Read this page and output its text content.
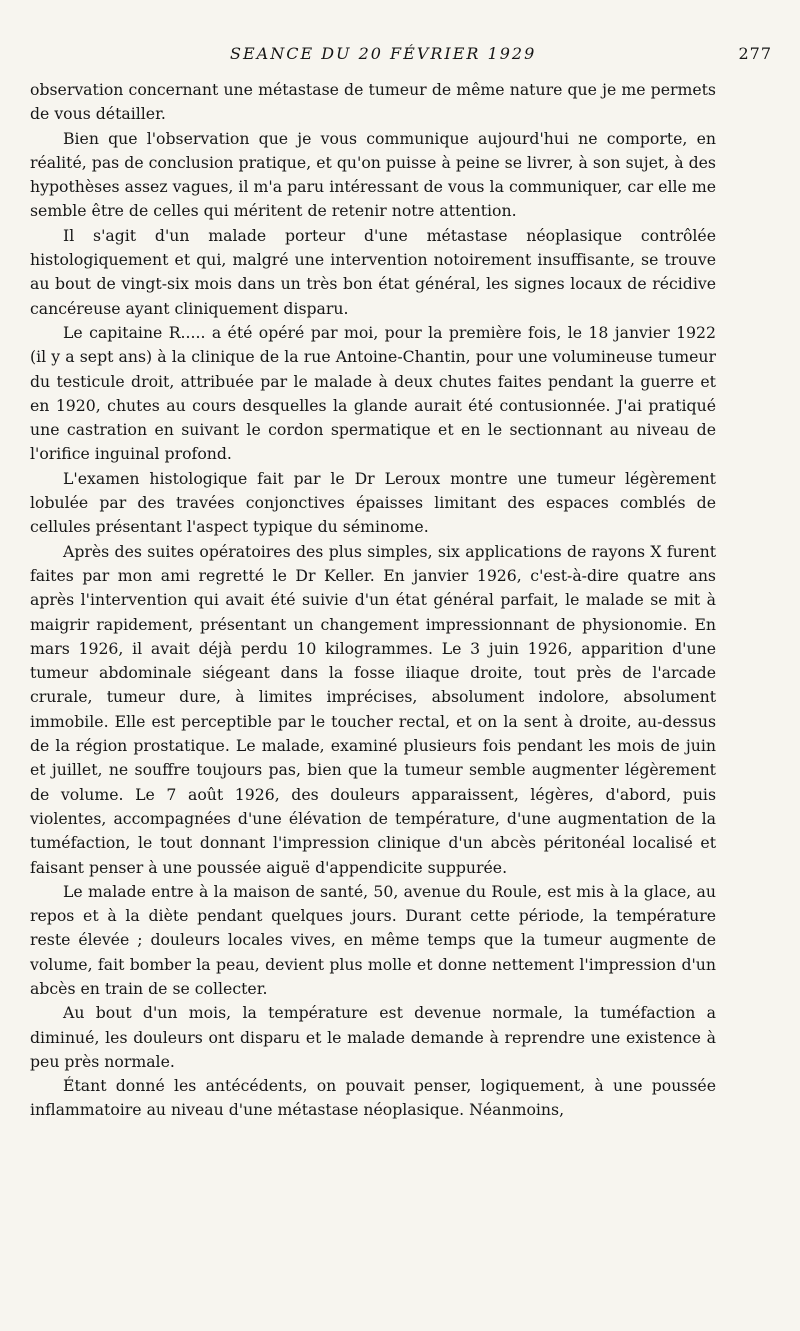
SEANCE DU 20 FÉVRIER 1929	277

observation concernant une métastase de tumeur de même nature que je me permets de vous détailler.

Bien que l'observation que je vous communique aujourd'hui ne comporte, en réalité, pas de conclusion pratique, et qu'on puisse à peine se livrer, à son sujet, à des hypothèses assez vagues, il m'a paru intéressant de vous la communiquer, car elle me semble être de celles qui méritent de retenir notre attention.

Il s'agit d'un malade porteur d'une métastase néoplasique contrôlée histologiquement et qui, malgré une intervention notoirement insuffisante, se trouve au bout de vingt-six mois dans un très bon état général, les signes locaux de récidive cancéreuse ayant cliniquement disparu.

Le capitaine R..... a été opéré par moi, pour la première fois, le 18 janvier 1922 (il y a sept ans) à la clinique de la rue Antoine-Chantin, pour une volumineuse tumeur du testicule droit, attribuée par le malade à deux chutes faites pendant la guerre et en 1920, chutes au cours desquelles la glande aurait été contusionnée. J'ai pratiqué une castration en suivant le cordon spermatique et en le sectionnant au niveau de l'orifice inguinal profond.

L'examen histologique fait par le Dr Leroux montre une tumeur légèrement lobulée par des travées conjonctives épaisses limitant des espaces comblés de cellules présentant l'aspect typique du séminome.

Après des suites opératoires des plus simples, six applications de rayons X furent faites par mon ami regretté le Dr Keller. En janvier 1926, c'est-à-dire quatre ans après l'intervention qui avait été suivie d'un état général parfait, le malade se mit à maigrir rapidement, présentant un changement impressionnant de physionomie. En mars 1926, il avait déjà perdu 10 kilogrammes. Le 3 juin 1926, apparition d'une tumeur abdominale siégeant dans la fosse iliaque droite, tout près de l'arcade crurale, tumeur dure, à limites imprécises, absolument indolore, absolument immobile. Elle est perceptible par le toucher rectal, et on la sent à droite, au-dessus de la région prostatique. Le malade, examiné plusieurs fois pendant les mois de juin et juillet, ne souffre toujours pas, bien que la tumeur semble augmenter légèrement de volume. Le 7 août 1926, des douleurs apparaissent, légères, d'abord, puis violentes, accompagnées d'une élévation de température, d'une augmentation de la tuméfaction, le tout donnant l'impression clinique d'un abcès péritonéal localisé et faisant penser à une poussée aiguë d'appendicite suppurée.

Le malade entre à la maison de santé, 50, avenue du Roule, est mis à la glace, au repos et à la diète pendant quelques jours. Durant cette période, la température reste élevée ; douleurs locales vives, en même temps que la tumeur augmente de volume, fait bomber la peau, devient plus molle et donne nettement l'impression d'un abcès en train de se collecter.

Au bout d'un mois, la température est devenue normale, la tuméfaction a diminué, les douleurs ont disparu et le malade demande à reprendre une existence à peu près normale.

Étant donné les antécédents, on pouvait penser, logiquement, à une poussée inflammatoire au niveau d'une métastase néoplasique. Néanmoins,
